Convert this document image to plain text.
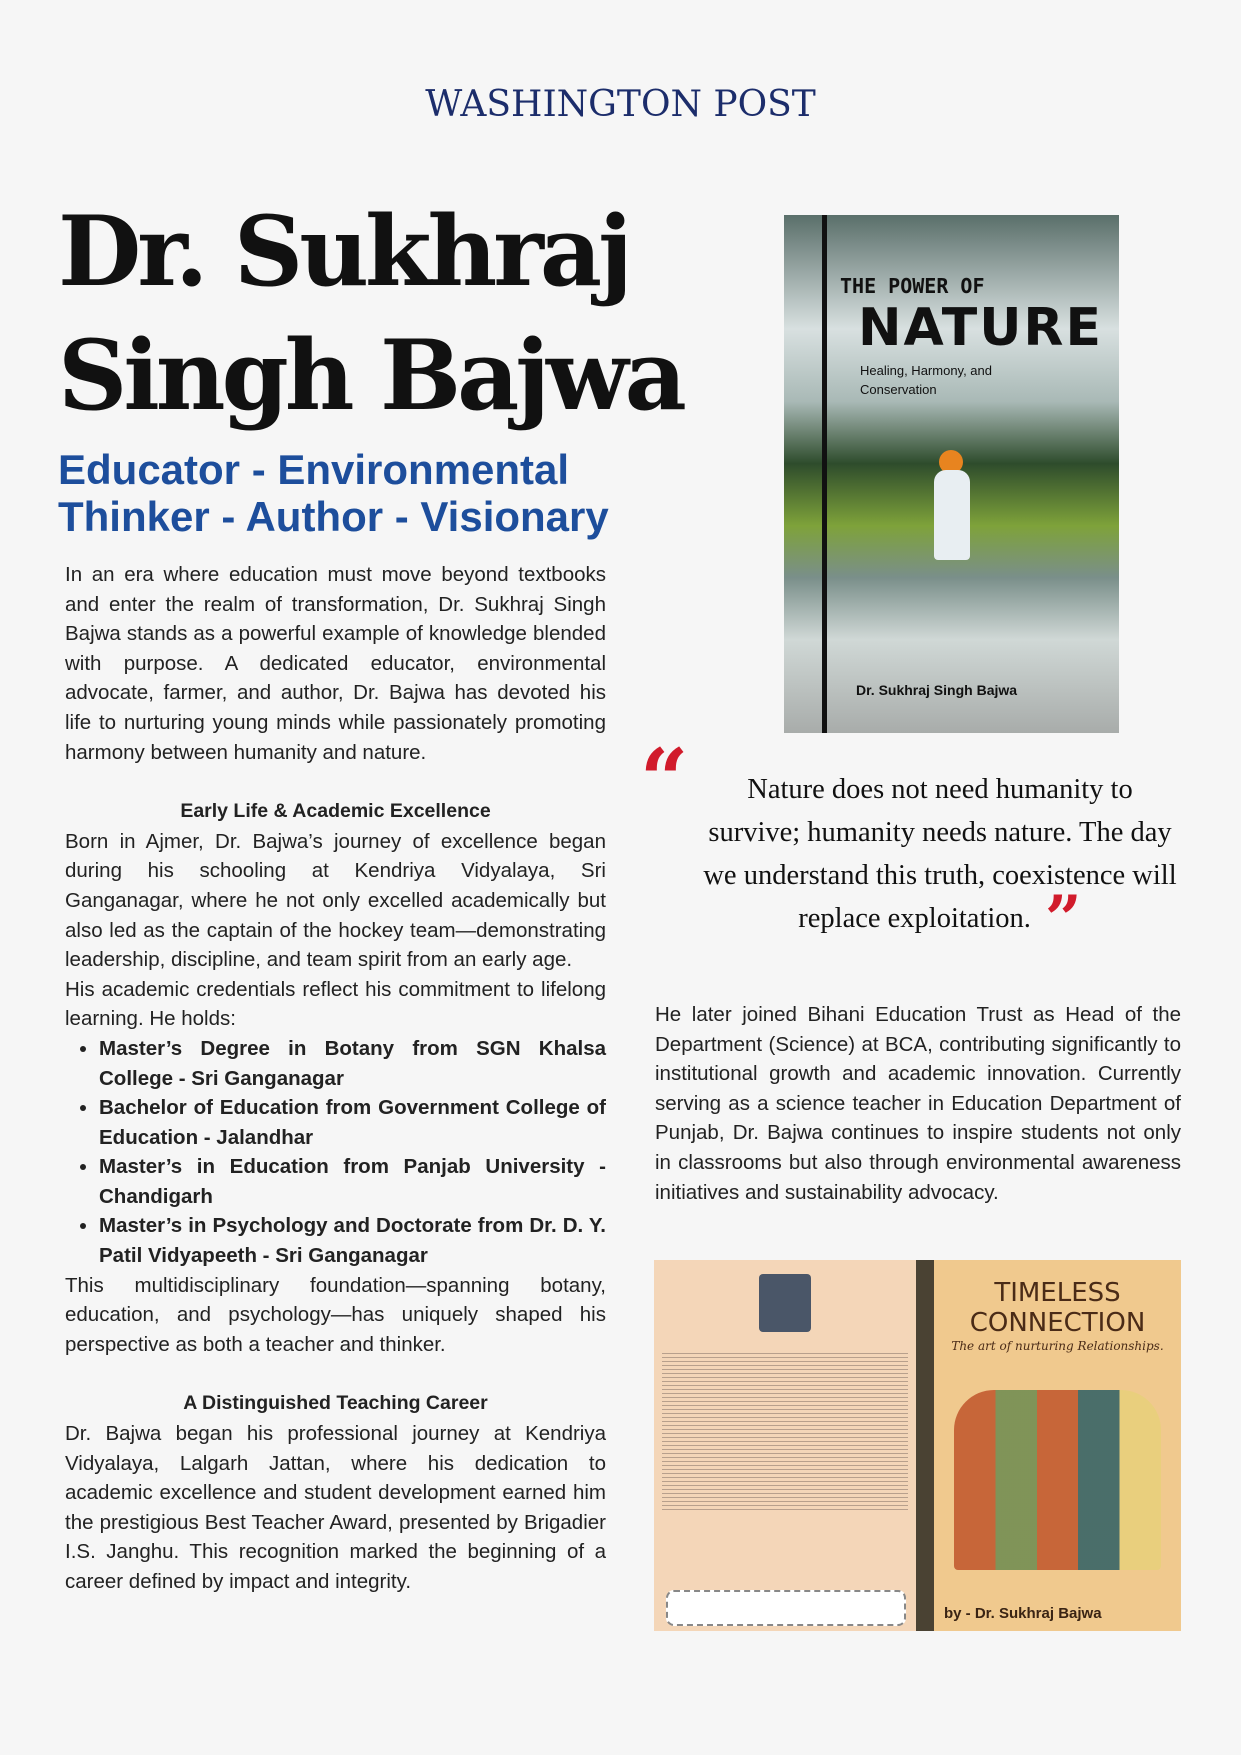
WASHINGTON POST
Dr. Sukhraj
Singh Bajwa
Educator - Environmental Thinker - Author - Visionary

In an era where education must move beyond textbooks and enter the realm of transformation, Dr. Sukhraj Singh Bajwa stands as a powerful example of knowledge blended with purpose. A dedicated educator, environmental advocate, farmer, and author, Dr. Bajwa has devoted his life to nurturing young minds while passionately promoting harmony between humanity and nature.

Early Life & Academic Excellence

Born in Ajmer, Dr. Bajwa’s journey of excellence began during his schooling at Kendriya Vidyalaya, Sri Ganganagar, where he not only excelled academically but also led as the captain of the hockey team—demonstrating leadership, discipline, and team spirit from an early age.

His academic credentials reflect his commitment to lifelong learning. He holds:

• Master’s Degree in Botany from SGN Khalsa College - Sri Ganganagar
• Bachelor of Education from Government College of Education - Jalandhar
• Master’s in Education from Panjab University - Chandigarh
• Master’s in Psychology and Doctorate from Dr. D. Y. Patil Vidyapeeth - Sri Ganganagar

This multidisciplinary foundation—spanning botany, education, and psychology—has uniquely shaped his perspective as both a teacher and thinker.

A Distinguished Teaching Career

Dr. Bajwa began his professional journey at Kendriya Vidyalaya, Lalgarh Jattan, where his dedication to academic excellence and student development earned him the prestigious Best Teacher Award, presented by Brigadier I.S. Janghu. This recognition marked the beginning of a career defined by impact and integrity.

THE POWER OF
NATURE
Healing, Harmony, and Conservation
Dr. Sukhraj Singh Bajwa
“	Nature does not need humanity to survive; humanity needs nature. The day we understand this truth, coexistence will replace exploitation. ”

He later joined Bihani Education Trust as Head of the Department (Science) at BCA, contributing significantly to institutional growth and academic innovation. Currently serving as a science teacher in Education Department of Punjab, Dr. Bajwa continues to inspire students not only in classrooms but also through environmental awareness initiatives and sustainability advocacy.

TIMELESS CONNECTION
The art of nurturing Relationships.
by - Dr. Sukhraj Bajwa
